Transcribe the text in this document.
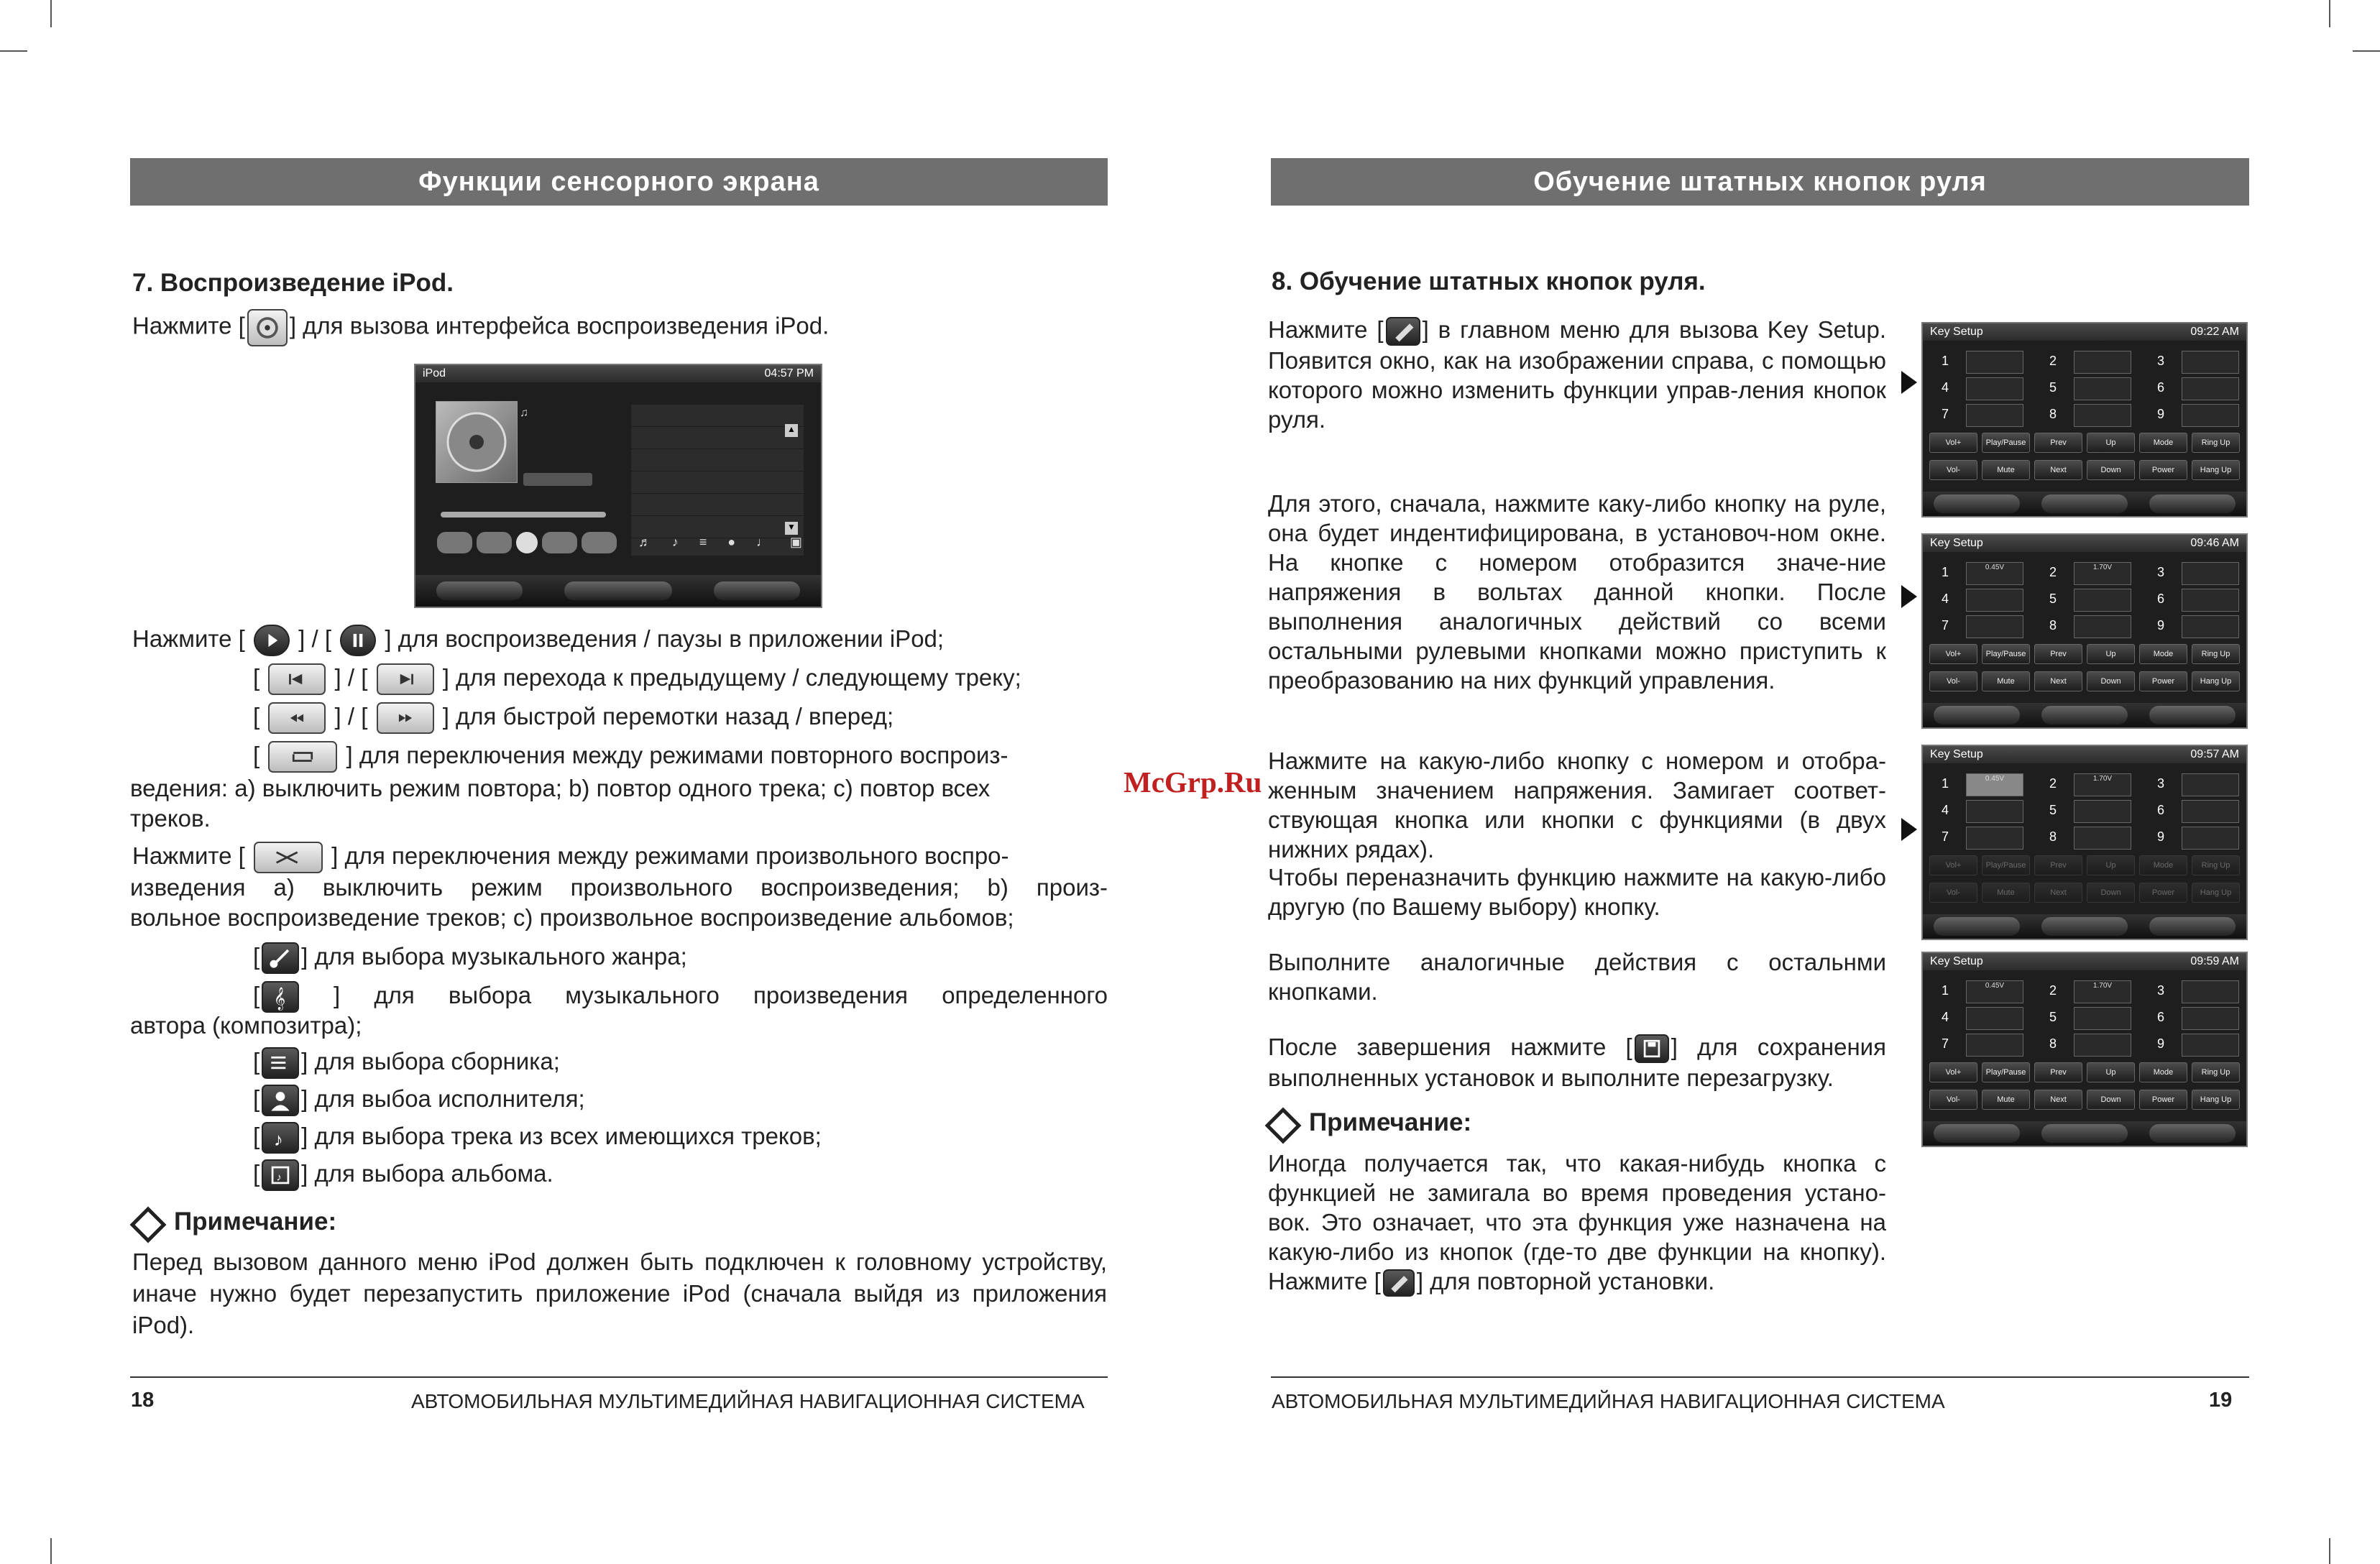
Функции сенсорного экрана
7. Воспроизведение iPod.
Нажмите [ ] для вызова интерфейса воспроизведения iPod.
iPod	04:57 PM
♫
▲
▼
♬ ♪ ≡ ● ♩ ▣
Нажмите [ ] / [ ] для воспроизведения / паузы в приложении iPod;
[	] / [	] для перехода к предыдущему / следующему треку;
[	] / [	] для быстрой перемотки назад / вперед;
[	] для переключения между режимами повторного воспроиз-
ведения: а) выключить режим повтора; b) повтор одного трека; c) повтор всех
треков.
Нажмите [	] для переключения между режимами произвольного воспро-
изведения а) выключить режим произвольного воспроизведения; b) произ-
вольное воспроизведение треков; c) произвольное воспроизведение альбомов;
[ ] для выбора музыкального жанра;
[ 𝄞 ] для выбора музыкального произведения определенного
автора (композитра);
[ ] для выбора сборника;
[ ] для выбоа исполнителя;
[ ♪ ] для выбора трека из всех имеющихся треков;
[ ♪ ] для выбора альбома.
Примечание:
Перед вызовом данного меню iPod должен быть подключен к головному устройству, иначе нужно будет перезапустить приложение iPod (сначала выйдя из приложения iPod).
18	АВТОМОБИЛЬНАЯ МУЛЬТИМЕДИЙНАЯ НАВИГАЦИОННАЯ СИСТЕМА
Обучение штатных кнопок руля
8. Обучение штатных кнопок руля.
Нажмите [ ] в главном меню для вызова Key Setup. Появится окно, как на изображении справа, с помощью которого можно изменить функции управ-ления кнопок руля.
Для этого, сначала, нажмите каку-либо кнопку на руле, она будет индентифицирована, в установоч-ном окне. На кнопке с номером отобразится значе-ние напряжения в вольтах данной кнопки. После выполнения аналогичных действий со всеми остальными рулевыми кнопками можно приступить к преобразованию на них функций управления.
Нажмите на какую-либо кнопку с номером и отобра-женным значением напряжения. Замигает соответ-ствующая кнопка или кнопки с функциями (в двух нижних рядах).
Чтобы переназначить функцию нажмите на какую-либо другую (по Вашему выбору) кнопку.
Выполните аналогичные действия с остальнми кнопками.
После завершения нажмите [ ] для сохранения выполненных установок и выполните перезагрузку.
Примечание:
Иногда получается так, что какая-нибудь кнопка с функцией не замигала во время проведения устано-вок. Это означает, что эта функция уже назначена на какую-либо из кнопок (где-то две функции на кнопку). Нажмите [ ] для повторной установки.
Key Setup	09:22 AM
1	2	3
4	5	6
7	8	9
Vol+	Play/Pause	Prev	Up	Mode	Ring Up
Vol-	Mute	Next	Down	Power	Hang Up
Key Setup	09:46 AM
1	0.45V	2	1.70V	3
4	5	6
7	8	9
Vol+	Play/Pause	Prev	Up	Mode	Ring Up
Vol-	Mute	Next	Down	Power	Hang Up
Key Setup	09:57 AM
1	0.45V	2	1.70V	3
4	5	6
7	8	9
Vol+	Play/Pause	Prev	Up	Mode	Ring Up
Vol-	Mute	Next	Down	Power	Hang Up
Key Setup	09:59 AM
1	0.45V	2	1.70V	3
4	5	6
7	8	9
Vol+	Play/Pause	Prev	Up	Mode	Ring Up
Vol-	Mute	Next	Down	Power	Hang Up
АВТОМОБИЛЬНАЯ МУЛЬТИМЕДИЙНАЯ НАВИГАЦИОННАЯ СИСТЕМА	19
McGrp.Ru
